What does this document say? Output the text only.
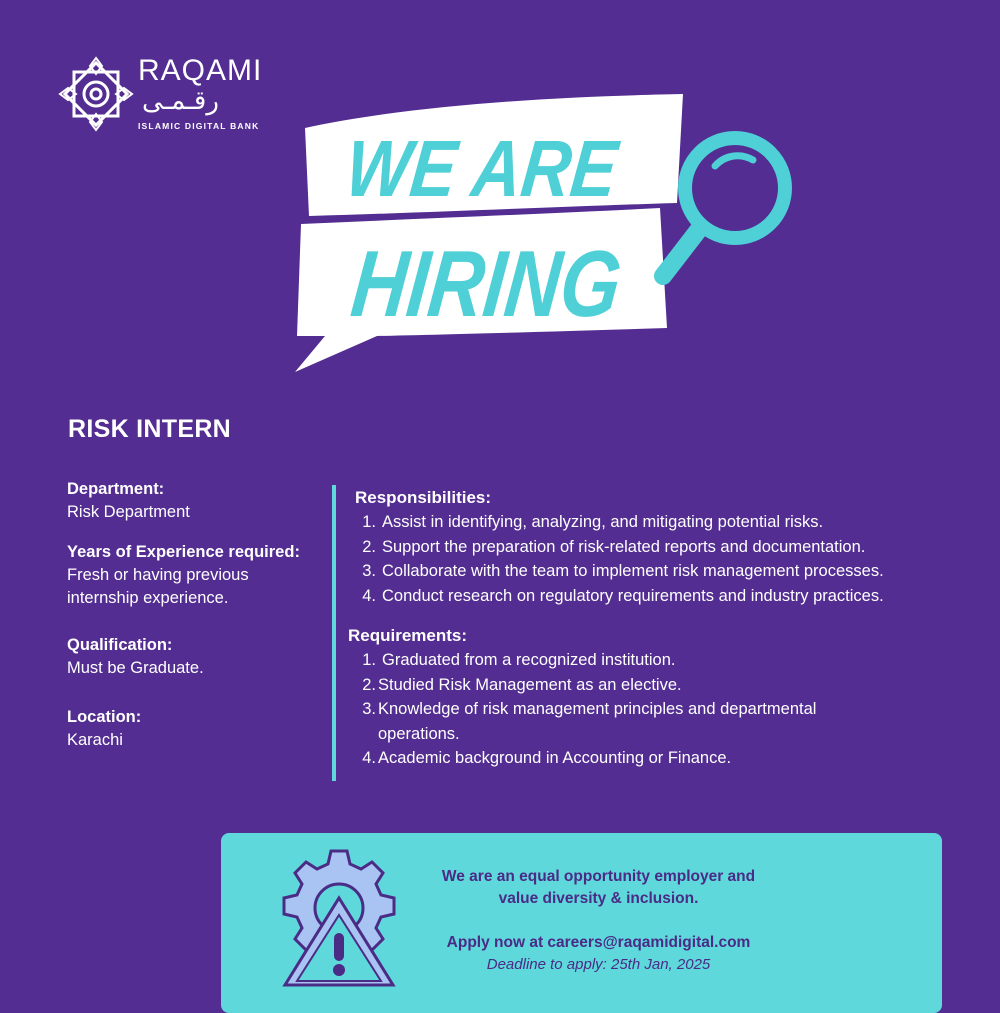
RAQAMI
رقـمـى
ISLAMIC DIGITAL BANK WE ARE
HIRING
RISK INTERN
Department:
Risk Department
Years of Experience required:
Fresh or having previous internship experience.
Qualification:
Must be Graduate.
Location:
Karachi
Responsibilities:
1. Assist in identifying, analyzing, and mitigating potential risks.
2. Support the preparation of risk-related reports and documentation.
3. Collaborate with the team to implement risk management processes.
4. Conduct research on regulatory requirements and industry practices.
Requirements:
1. Graduated from a recognized institution.
2. Studied Risk Management as an elective.
3. Knowledge of risk management principles and departmental operations.
4. Academic background in Accounting or Finance.
We are an equal opportunity employer and value diversity & inclusion.
Apply now at careers@raqamidigital.com
Deadline to apply: 25th Jan, 2025
